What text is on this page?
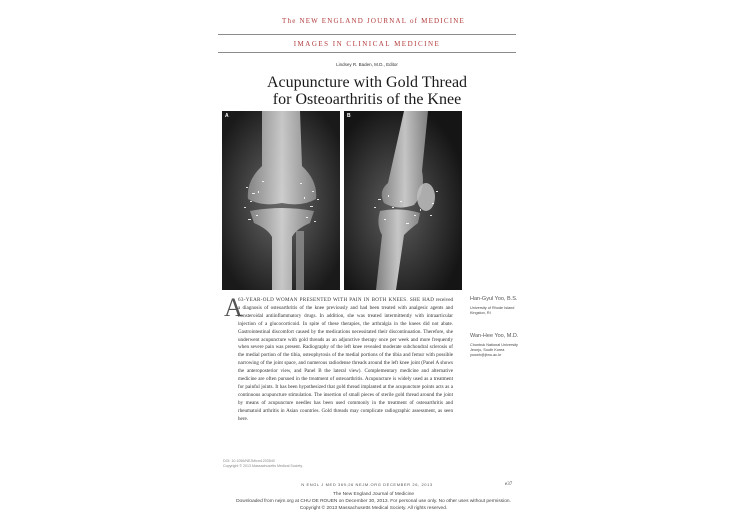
The NEW ENGLAND JOURNAL of MEDICINE
IMAGES IN CLINICAL MEDICINE
Lindsey R. Baden, M.D., Editor
Acupuncture with Gold Thread
for Osteoarthritis of the Knee
A	B
A
63-YEAR-OLD WOMAN PRESENTED WITH PAIN IN BOTH KNEES. SHE HAD received a diagnosis of osteoarthritis of the knee previously and had been treated with analgesic agents and nonsteroidal antiinflammatory drugs. In addition, she was treated intermittently with intraarticular injection of a glucocorticoid. In spite of these therapies, the arthralgia in the knees did not abate. Gastrointestinal discomfort caused by the medications necessitated their discontinuation. Therefore, she underwent acupuncture with gold threads as an adjunctive therapy once per week and more frequently when severe pain was present. Radiography of the left knee revealed moderate subchondral sclerosis of the medial portion of the tibia, osteophytosis of the medial portions of the tibia and femur with possible narrowing of the joint space, and numerous radiodense threads around the left knee joint (Panel A shows the anteroposterior view, and Panel B the lateral view). Complementary medicine and alternative medicine are often pursued in the treatment of osteoarthritis. Acupuncture is widely used as a treatment for painful joints. It has been hypothesized that gold thread implanted at the acupuncture points acts as a continuous acupuncture stimulation. The insertion of small pieces of sterile gold thread around the joint by means of acupuncture needles has been used commonly in the treatment of osteoarthritis and rheumatoid arthritis in Asian countries. Gold threads may complicate radiographic assessment, as seen here.
DOI: 10.1056/NEJMicm1203540
Copyright © 2013 Massachusetts Medical Society.
Han-Gyul Yoo, B.S.
University of Rhode Island
Kingston, RI
Wan-Hee Yoo, M.D.
Chonbuk National University
Jeonju, South Korea
yoowh@jbnu.ac.kr
N ENGL J MED 369;26 NEJM.ORG DECEMBER 26, 2013	e37
The New England Journal of Medicine
Downloaded from nejm.org at CHU DE ROUEN on December 30, 2013. For personal use only. No other uses without permission.
Copyright © 2013 Massachusetts Medical Society. All rights reserved.
